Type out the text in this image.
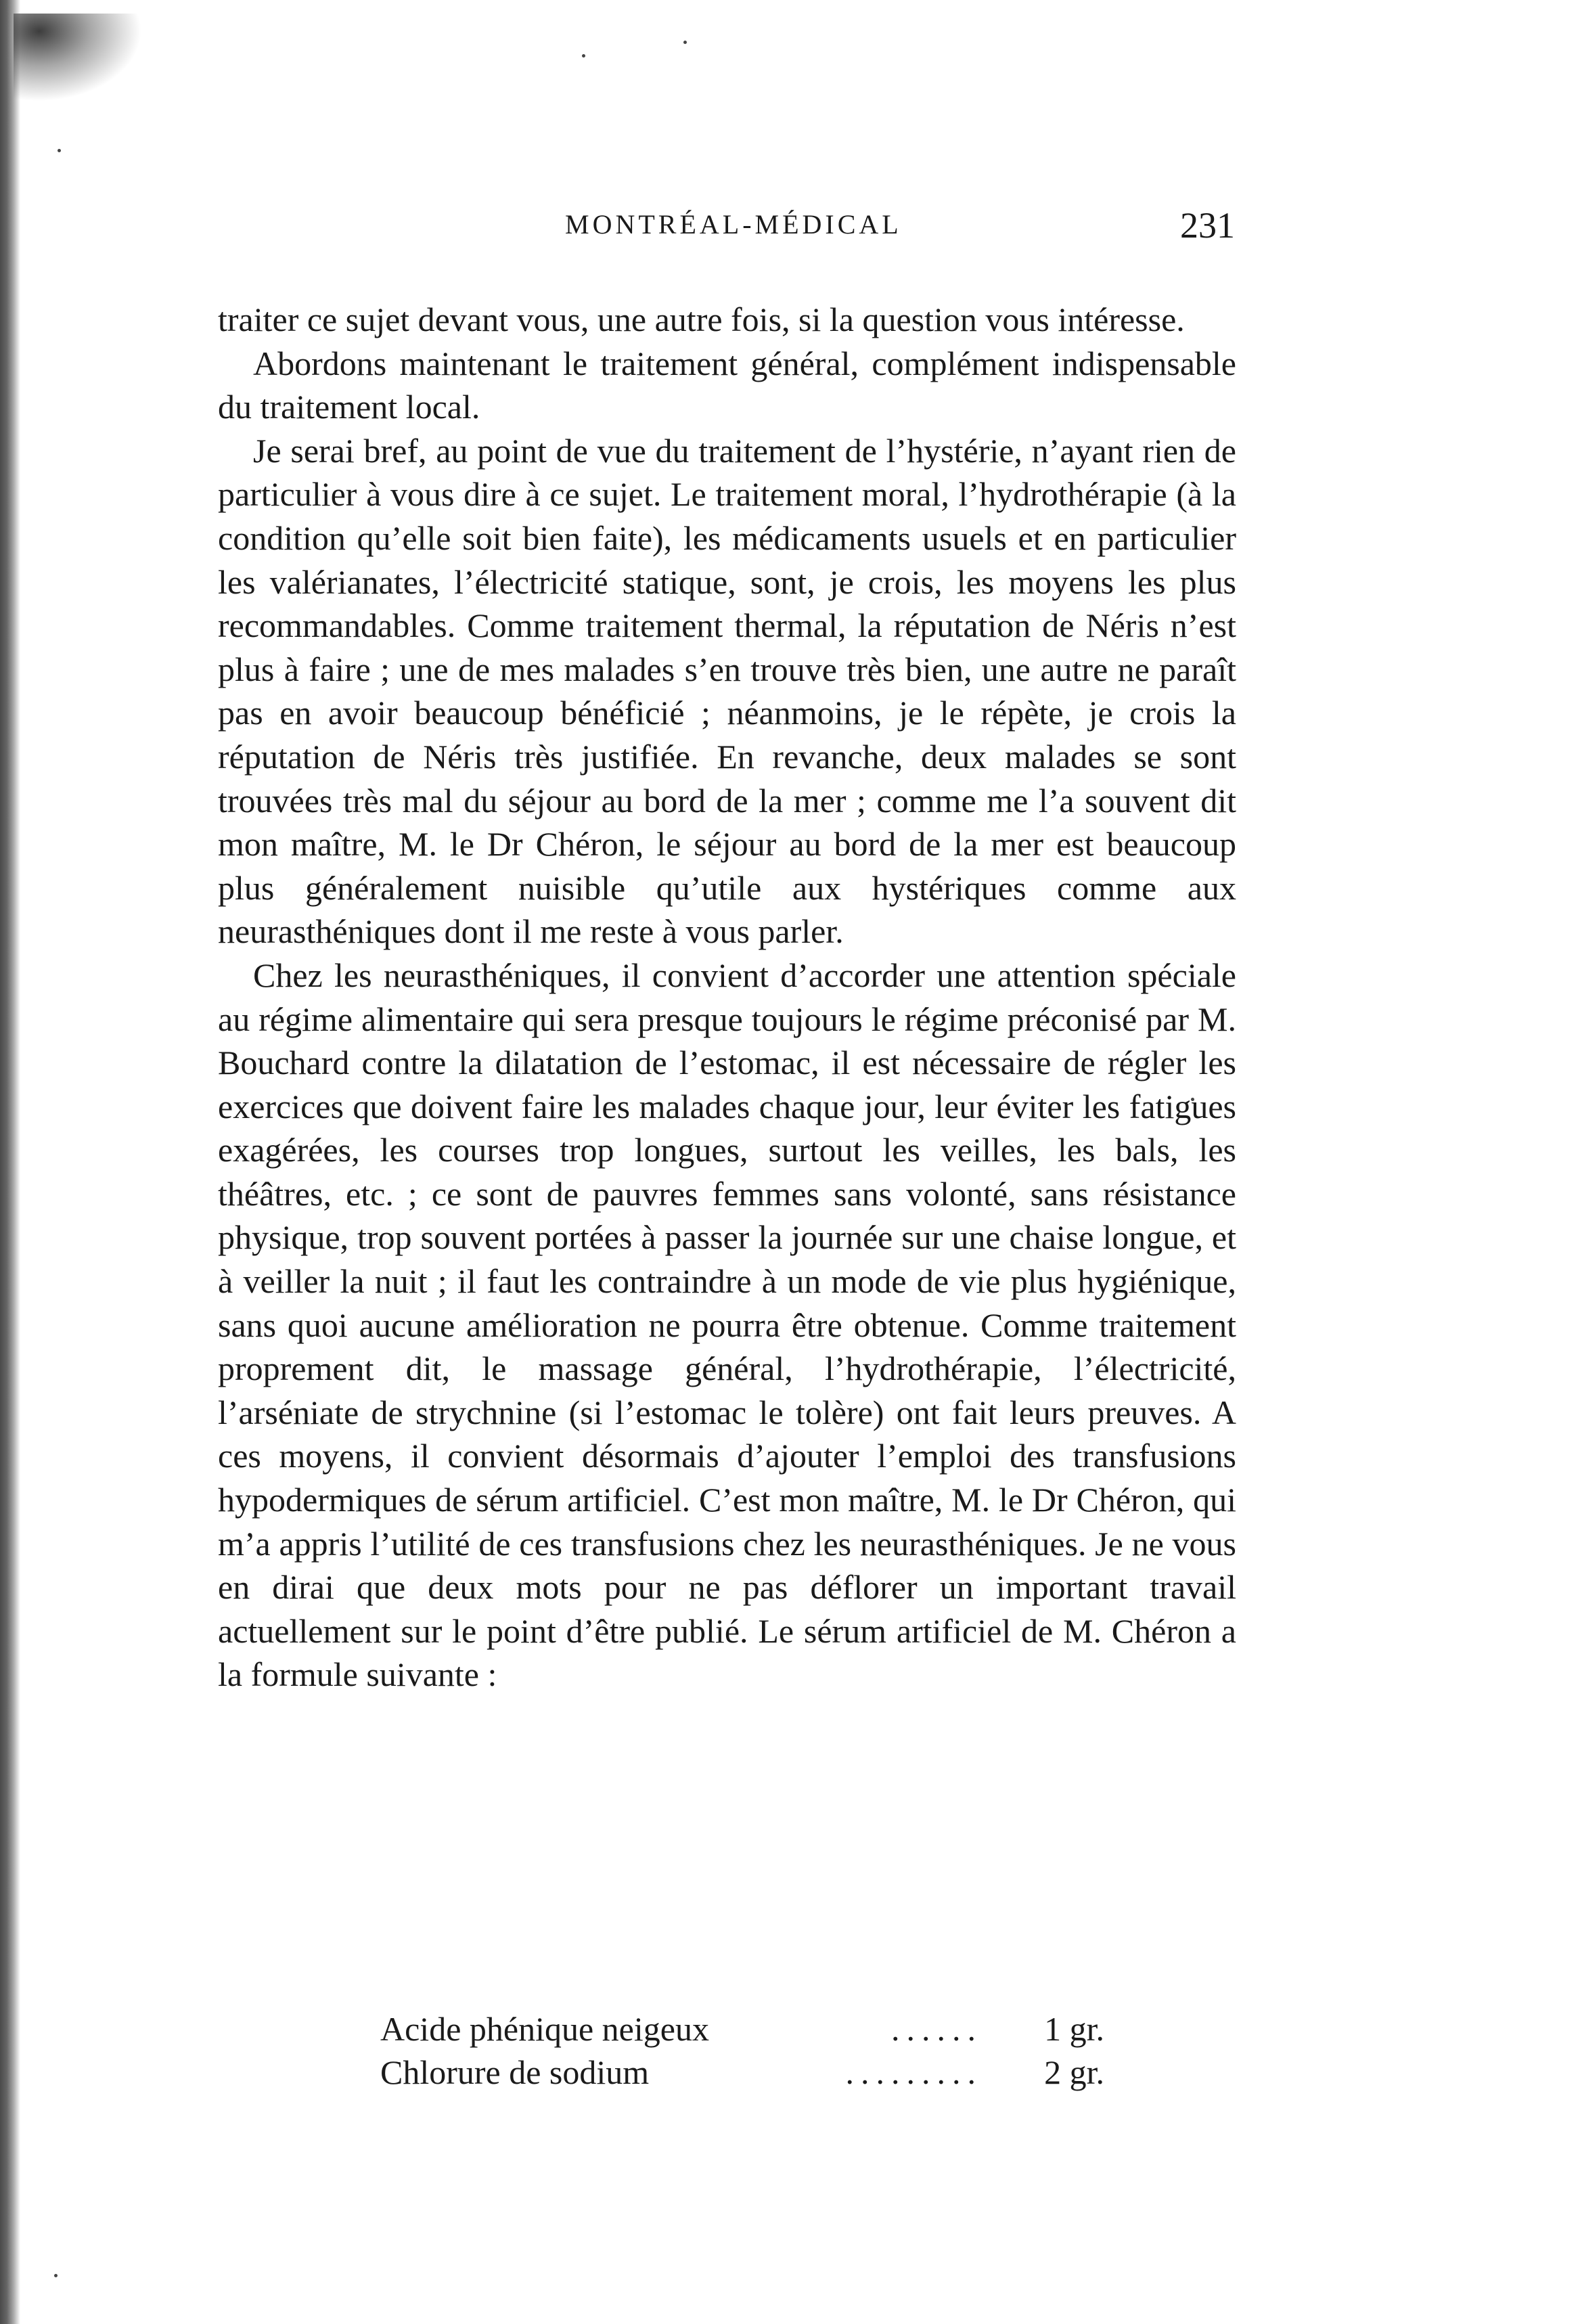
MONTRÉAL-MÉDICAL	231

traiter ce sujet devant vous, une autre fois, si la question vous intéresse.

Abordons maintenant le traitement général, complément indispensable du traitement local.

Je serai bref, au point de vue du traitement de l’hystérie, n’ayant rien de particulier à vous dire à ce sujet. Le traitement moral, l’hydrothérapie (à la condition qu’elle soit bien faite), les médicaments usuels et en particulier les valérianates, l’électricité statique, sont, je crois, les moyens les plus recommandables. Comme traitement thermal, la réputation de Néris n’est plus à faire ; une de mes malades s’en trouve très bien, une autre ne paraît pas en avoir beaucoup bénéficié ; néanmoins, je le répète, je crois la réputation de Néris très justifiée. En revanche, deux malades se sont trouvées très mal du séjour au bord de la mer ; comme me l’a souvent dit mon maître, M. le Dr Chéron, le séjour au bord de la mer est beaucoup plus généralement nuisible qu’utile aux hystériques comme aux neurasthéniques dont il me reste à vous parler.

Chez les neurasthéniques, il convient d’accorder une attention spéciale au régime alimentaire qui sera presque toujours le régime préconisé par M. Bouchard contre la dilatation de l’estomac, il est nécessaire de régler les exercices que doivent faire les malades chaque jour, leur éviter les fatigues exagérées, les courses trop longues, surtout les veilles, les bals, les théâtres, etc. ; ce sont de pauvres femmes sans volonté, sans résistance physique, trop souvent portées à passer la journée sur une chaise longue, et à veiller la nuit ; il faut les contraindre à un mode de vie plus hygiénique, sans quoi aucune amélioration ne pourra être obtenue. Comme traitement proprement dit, le massage général, l’hydrothérapie, l’électricité, l’arséniate de strychnine (si l’estomac le tolère) ont fait leurs preuves. A ces moyens, il convient désormais d’ajouter l’emploi des transfusions hypodermiques de sérum artificiel. C’est mon maître, M. le Dr Chéron, qui m’a appris l’utilité de ces transfusions chez les neurasthéniques. Je ne vous en dirai que deux mots pour ne pas déflorer un important travail actuellement sur le point d’être publié. Le sérum artificiel de M. Chéron a la formule suivante :

Acide phénique neigeux	......	1 gr.
Chlorure de sodium	.........	2 gr.
